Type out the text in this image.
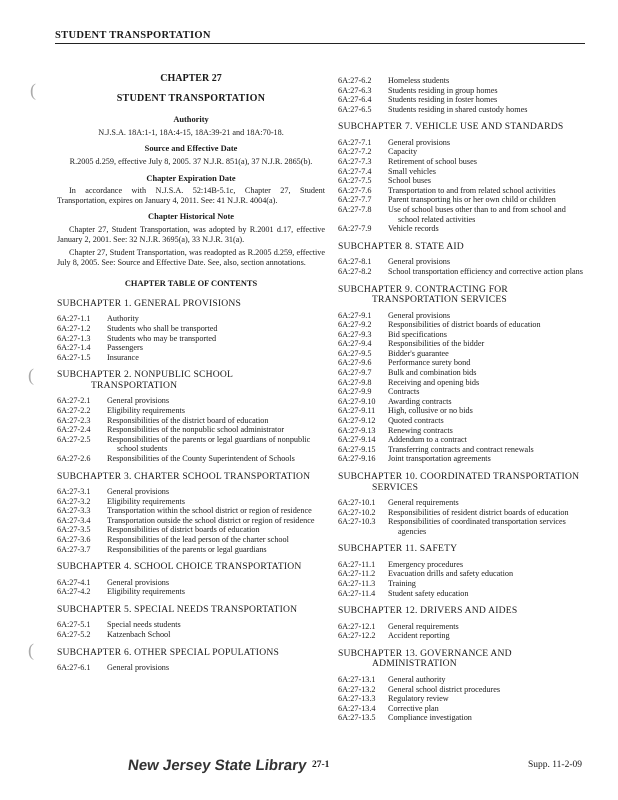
STUDENT TRANSPORTATION
(
(
(
CHAPTER 27
STUDENT TRANSPORTATION
Authority
N.J.S.A. 18A:1-1, 18A:4-15, 18A:39-21 and 18A:70-18.
Source and Effective Date
R.2005 d.259, effective July 8, 2005. 37 N.J.R. 851(a), 37 N.J.R. 2865(b).
Chapter Expiration Date
In accordance with N.J.S.A. 52:14B-5.1c, Chapter 27, Student Transportation, expires on January 4, 2011. See: 41 N.J.R. 4004(a).
Chapter Historical Note
Chapter 27, Student Transportation, was adopted by R.2001 d.17, effective January 2, 2001. See: 32 N.J.R. 3695(a), 33 N.J.R. 31(a).
Chapter 27, Student Transportation, was readopted as R.2005 d.259, effective July 8, 2005. See: Source and Effective Date. See, also, section annotations.
CHAPTER TABLE OF CONTENTS
SUBCHAPTER 1. GENERAL PROVISIONS
6A:27-1.1	Authority
6A:27-1.2	Students who shall be transported
6A:27-1.3	Students who may be transported
6A:27-1.4	Passengers
6A:27-1.5	Insurance
SUBCHAPTER 2. NONPUBLIC SCHOOL
TRANSPORTATION
6A:27-2.1	General provisions
6A:27-2.2	Eligibility requirements
6A:27-2.3	Responsibilities of the district board of education
6A:27-2.4	Responsibilities of the nonpublic school administrator
6A:27-2.5	Responsibilities of the parents or legal guardians of nonpublic school students
6A:27-2.6	Responsibilities of the County Superintendent of Schools
SUBCHAPTER 3. CHARTER SCHOOL TRANSPORTATION
6A:27-3.1	General provisions
6A:27-3.2	Eligibility requirements
6A:27-3.3	Transportation within the school district or region of residence
6A:27-3.4	Transportation outside the school district or region of residence
6A:27-3.5	Responsibilities of district boards of education
6A:27-3.6	Responsibilities of the lead person of the charter school
6A:27-3.7	Responsibilities of the parents or legal guardians
SUBCHAPTER 4. SCHOOL CHOICE TRANSPORTATION
6A:27-4.1	General provisions
6A:27-4.2	Eligibility requirements
SUBCHAPTER 5. SPECIAL NEEDS TRANSPORTATION
6A:27-5.1	Special needs students
6A:27-5.2	Katzenbach School
SUBCHAPTER 6. OTHER SPECIAL POPULATIONS
6A:27-6.1	General provisions
6A:27-6.2	Homeless students
6A:27-6.3	Students residing in group homes
6A:27-6.4	Students residing in foster homes
6A:27-6.5	Students residing in shared custody homes
SUBCHAPTER 7. VEHICLE USE AND STANDARDS
6A:27-7.1	General provisions
6A:27-7.2	Capacity
6A:27-7.3	Retirement of school buses
6A:27-7.4	Small vehicles
6A:27-7.5	School buses
6A:27-7.6	Transportation to and from related school activities
6A:27-7.7	Parent transporting his or her own child or children
6A:27-7.8	Use of school buses other than to and from school and school related activities
6A:27-7.9	Vehicle records
SUBCHAPTER 8. STATE AID
6A:27-8.1	General provisions
6A:27-8.2	School transportation efficiency and corrective action plans
SUBCHAPTER 9. CONTRACTING FOR
TRANSPORTATION SERVICES
6A:27-9.1	General provisions
6A:27-9.2	Responsibilities of district boards of education
6A:27-9.3	Bid specifications
6A:27-9.4	Responsibilities of the bidder
6A:27-9.5	Bidder's guarantee
6A:27-9.6	Performance surety bond
6A:27-9.7	Bulk and combination bids
6A:27-9.8	Receiving and opening bids
6A:27-9.9	Contracts
6A:27-9.10	Awarding contracts
6A:27-9.11	High, collusive or no bids
6A:27-9.12	Quoted contracts
6A:27-9.13	Renewing contracts
6A:27-9.14	Addendum to a contract
6A:27-9.15	Transferring contracts and contract renewals
6A:27-9.16	Joint transportation agreements
SUBCHAPTER 10. COORDINATED TRANSPORTATION
SERVICES
6A:27-10.1	General requirements
6A:27-10.2	Responsibilities of resident district boards of education
6A:27-10.3	Responsibilities of coordinated transportation services agencies
SUBCHAPTER 11. SAFETY
6A:27-11.1	Emergency procedures
6A:27-11.2	Evacuation drills and safety education
6A:27-11.3	Training
6A:27-11.4	Student safety education
SUBCHAPTER 12. DRIVERS AND AIDES
6A:27-12.1	General requirements
6A:27-12.2	Accident reporting
SUBCHAPTER 13. GOVERNANCE AND
ADMINISTRATION
6A:27-13.1	General authority
6A:27-13.2	General school district procedures
6A:27-13.3	Regulatory review
6A:27-13.4	Corrective plan
6A:27-13.5	Compliance investigation
New Jersey State Library 27-1	Supp. 11-2-09
